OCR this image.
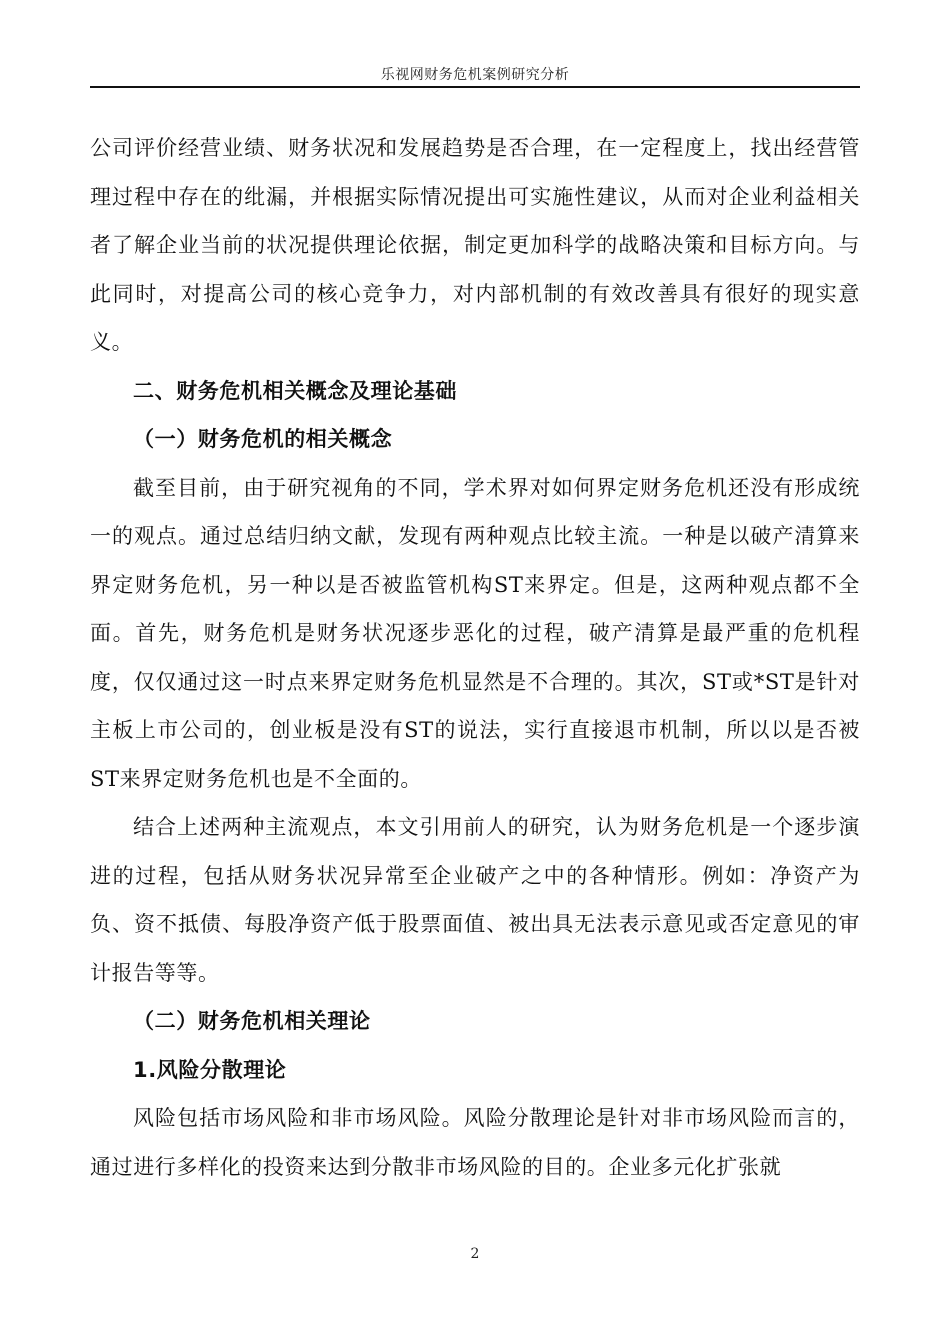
乐视网财务危机案例研究分析

公司评价经营业绩、财务状况和发展趋势是否合理，在一定程度上，找出经营管理过程中存在的纰漏，并根据实际情况提出可实施性建议，从而对企业利益相关者了解企业当前的状况提供理论依据，制定更加科学的战略决策和目标方向。与此同时，对提高公司的核心竞争力，对内部机制的有效改善具有很好的现实意义。

二、财务危机相关概念及理论基础

（一）财务危机的相关概念

截至目前，由于研究视角的不同，学术界对如何界定财务危机还没有形成统一的观点。通过总结归纳文献，发现有两种观点比较主流。一种是以破产清算来界定财务危机，另一种以是否被监管机构ST来界定。但是，这两种观点都不全面。首先，财务危机是财务状况逐步恶化的过程，破产清算是最严重的危机程度，仅仅通过这一时点来界定财务危机显然是不合理的。其次，ST或*ST是针对主板上市公司的，创业板是没有ST的说法，实行直接退市机制，所以以是否被ST来界定财务危机也是不全面的。

结合上述两种主流观点，本文引用前人的研究，认为财务危机是一个逐步演进的过程，包括从财务状况异常至企业破产之中的各种情形。例如：净资产为负、资不抵债、每股净资产低于股票面值、被出具无法表示意见或否定意见的审计报告等等。

（二）财务危机相关理论

1.风险分散理论

风险包括市场风险和非市场风险。风险分散理论是针对非市场风险而言的，通过进行多样化的投资来达到分散非市场风险的目的。企业多元化扩张就

2
